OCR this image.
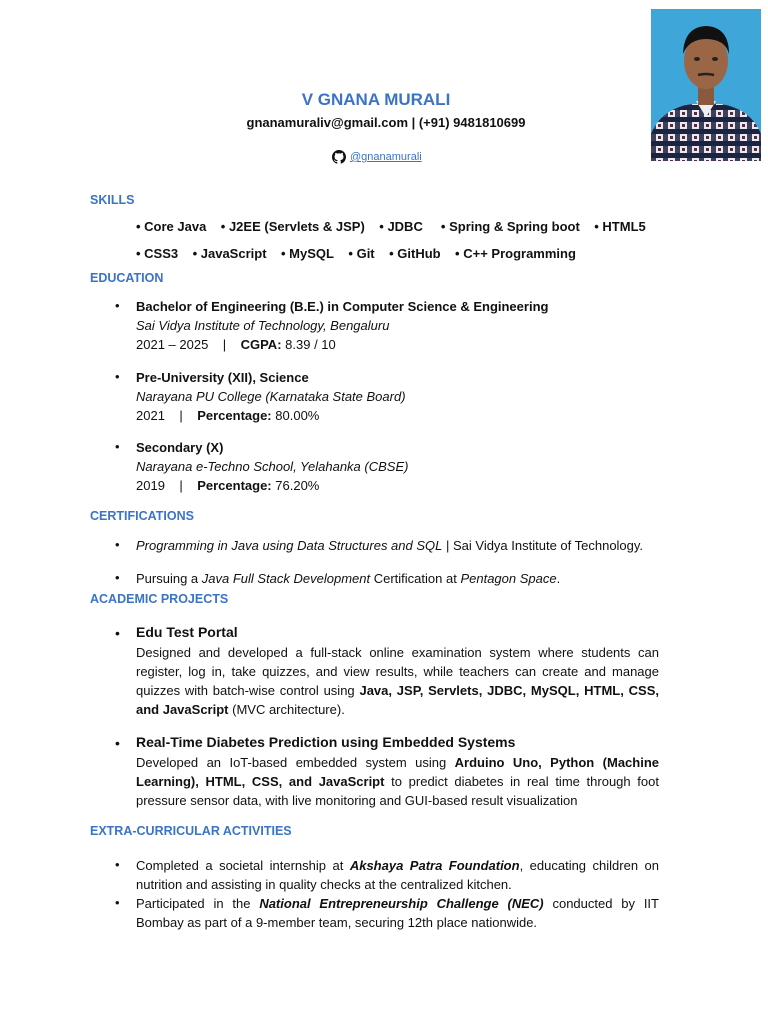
V GNANA MURALI
gnanamuraliv@gmail.com | (+91) 9481810699
@gnanamurali
SKILLS
• Core Java • J2EE (Servlets & JSP) • JDBC • Spring & Spring boot • HTML5
• CSS3 • JavaScript • MySQL • Git • GitHub • C++ Programming
EDUCATION
• Bachelor of Engineering (B.E.) in Computer Science & Engineering
Sai Vidya Institute of Technology, Bengaluru
2021 – 2025 | CGPA: 8.39 / 10
• Pre-University (XII), Science
Narayana PU College (Karnataka State Board)
2021 | Percentage: 80.00%
• Secondary (X)
Narayana e-Techno School, Yelahanka (CBSE)
2019 | Percentage: 76.20%
CERTIFICATIONS
• Programming in Java using Data Structures and SQL | Sai Vidya Institute of Technology.
• Pursuing a Java Full Stack Development Certification at Pentagon Space.
ACADEMIC PROJECTS
• Edu Test Portal
Designed and developed a full-stack online examination system where students can register, log in, take quizzes, and view results, while teachers can create and manage quizzes with batch-wise control using Java, JSP, Servlets, JDBC, MySQL, HTML, CSS, and JavaScript (MVC architecture).
• Real-Time Diabetes Prediction using Embedded Systems
Developed an IoT-based embedded system using Arduino Uno, Python (Machine Learning), HTML, CSS, and JavaScript to predict diabetes in real time through foot pressure sensor data, with live monitoring and GUI-based result visualization
EXTRA-CURRICULAR ACTIVITIES
• Completed a societal internship at Akshaya Patra Foundation, educating children on nutrition and assisting in quality checks at the centralized kitchen.
• Participated in the National Entrepreneurship Challenge (NEC) conducted by IIT Bombay as part of a 9-member team, securing 12th place nationwide.
